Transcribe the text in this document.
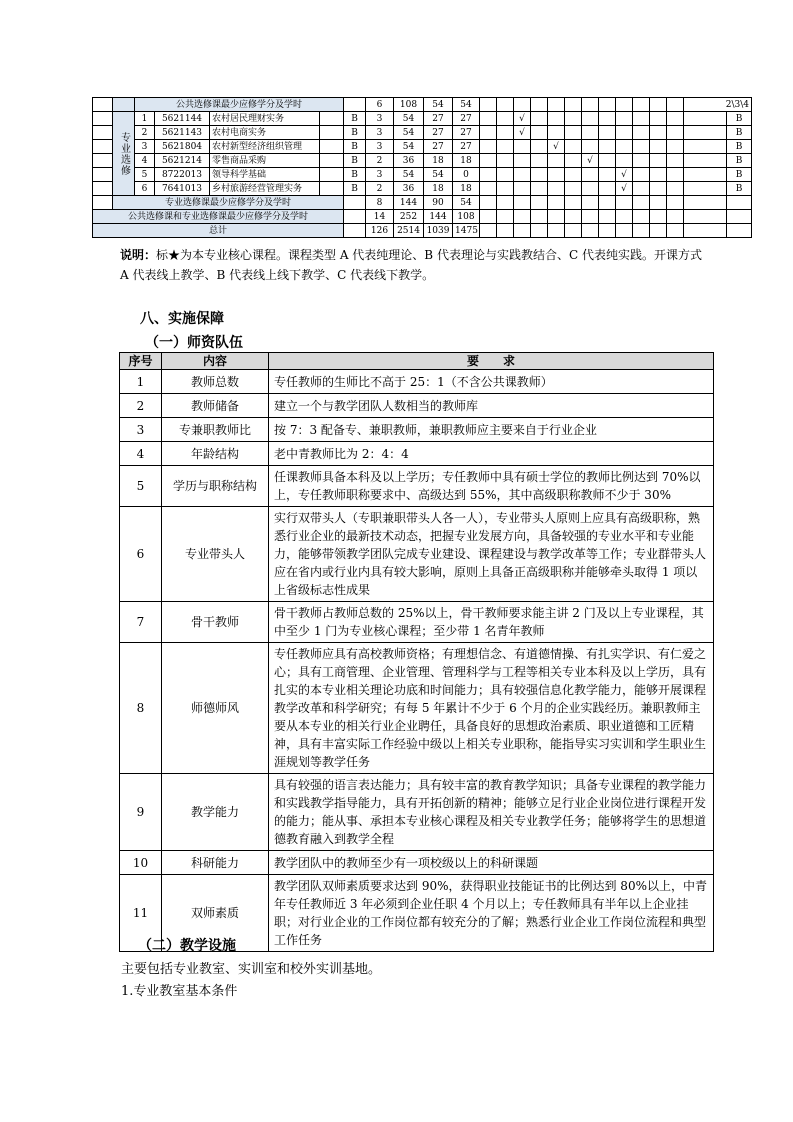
		公共选修课最少应修学分及学时					6	108	54	54													2\3\4	
	专业选修	1	5621144	农村居民理财实务		B	3	54	27	27			√											B
		2	5621143	农村电商实务		B	3	54	27	27			√											B
		3	5621804	农村新型经济组织管理		B	3	54	27	27					√									B
		4	5621214	零售商品采购		B	2	36	18	18							√							B
		5	8722013	领导科学基础		B	3	54	54	0									√					B
		6	7641013	乡村旅游经营管理实务		B	2	36	18	18									√					B
	专业选修课最少应修学分及学时						8	144	90	54														
公共选修课和专业选修课最少应修学分及学时							14	252	144	108														
总计							126	2514	1039	1475														
说明：标★为本专业核心课程。课程类型 A 代表纯理论、B 代表理论与实践教结合、C 代表纯实践。开课方式 A 代表线上教学、B 代表线上线下教学、C 代表线下教学。
八、实施保障
（一）师资队伍
序号	内容	要　　求
1	教师总数	专任教师的生师比不高于 25：1（不含公共课教师）
2	教师储备	建立一个与教学团队人数相当的教师库
3	专兼职教师比	按 7：3 配备专、兼职教师，兼职教师应主要来自于行业企业
4	年龄结构	老中青教师比为 2：4：4
5	学历与职称结构	任课教师具备本科及以上学历；专任教师中具有硕士学位的教师比例达到 70%以上，专任教师职称要求中、高级达到 55%，其中高级职称教师不少于 30%
6	专业带头人	实行双带头人（专职兼职带头人各一人），专业带头人原则上应具有高级职称，熟悉行业企业的最新技术动态，把握专业发展方向，具备较强的专业水平和专业能力，能够带领教学团队完成专业建设、课程建设与教学改革等工作；专业群带头人应在省内或行业内具有较大影响，原则上具备正高级职称并能够牵头取得 1 项以上省级标志性成果
7	骨干教师	骨干教师占教师总数的 25%以上，骨干教师要求能主讲 2 门及以上专业课程，其中至少 1 门为专业核心课程；至少带 1 名青年教师
8	师德师风	专任教师应具有高校教师资格；有理想信念、有道德情操、有扎实学识、有仁爱之心；具有工商管理、企业管理、管理科学与工程等相关专业本科及以上学历，具有扎实的本专业相关理论功底和时间能力；具有较强信息化教学能力，能够开展课程教学改革和科学研究；有每 5 年累计不少于 6 个月的企业实践经历。兼职教师主要从本专业的相关行业企业聘任，具备良好的思想政治素质、职业道德和工匠精神，具有丰富实际工作经验中级以上相关专业职称，能指导实习实训和学生职业生涯规划等教学任务
9	教学能力	具有较强的语言表达能力；具有较丰富的教育教学知识；具备专业课程的教学能力和实践教学指导能力，具有开拓创新的精神；能够立足行业企业岗位进行课程开发的能力；能从事、承担本专业核心课程及相关专业教学任务；能够将学生的思想道德教育融入到教学全程
10	科研能力	教学团队中的教师至少有一项校级以上的科研课题
11	双师素质	教学团队双师素质要求达到 90%，获得职业技能证书的比例达到 80%以上，中青年专任教师近 3 年必须到企业任职 4 个月以上；专任教师具有半年以上企业挂职；对行业企业的工作岗位都有较充分的了解；熟悉行业企业工作岗位流程和典型工作任务
（二）教学设施
主要包括专业教室、实训室和校外实训基地。
1.专业教室基本条件
